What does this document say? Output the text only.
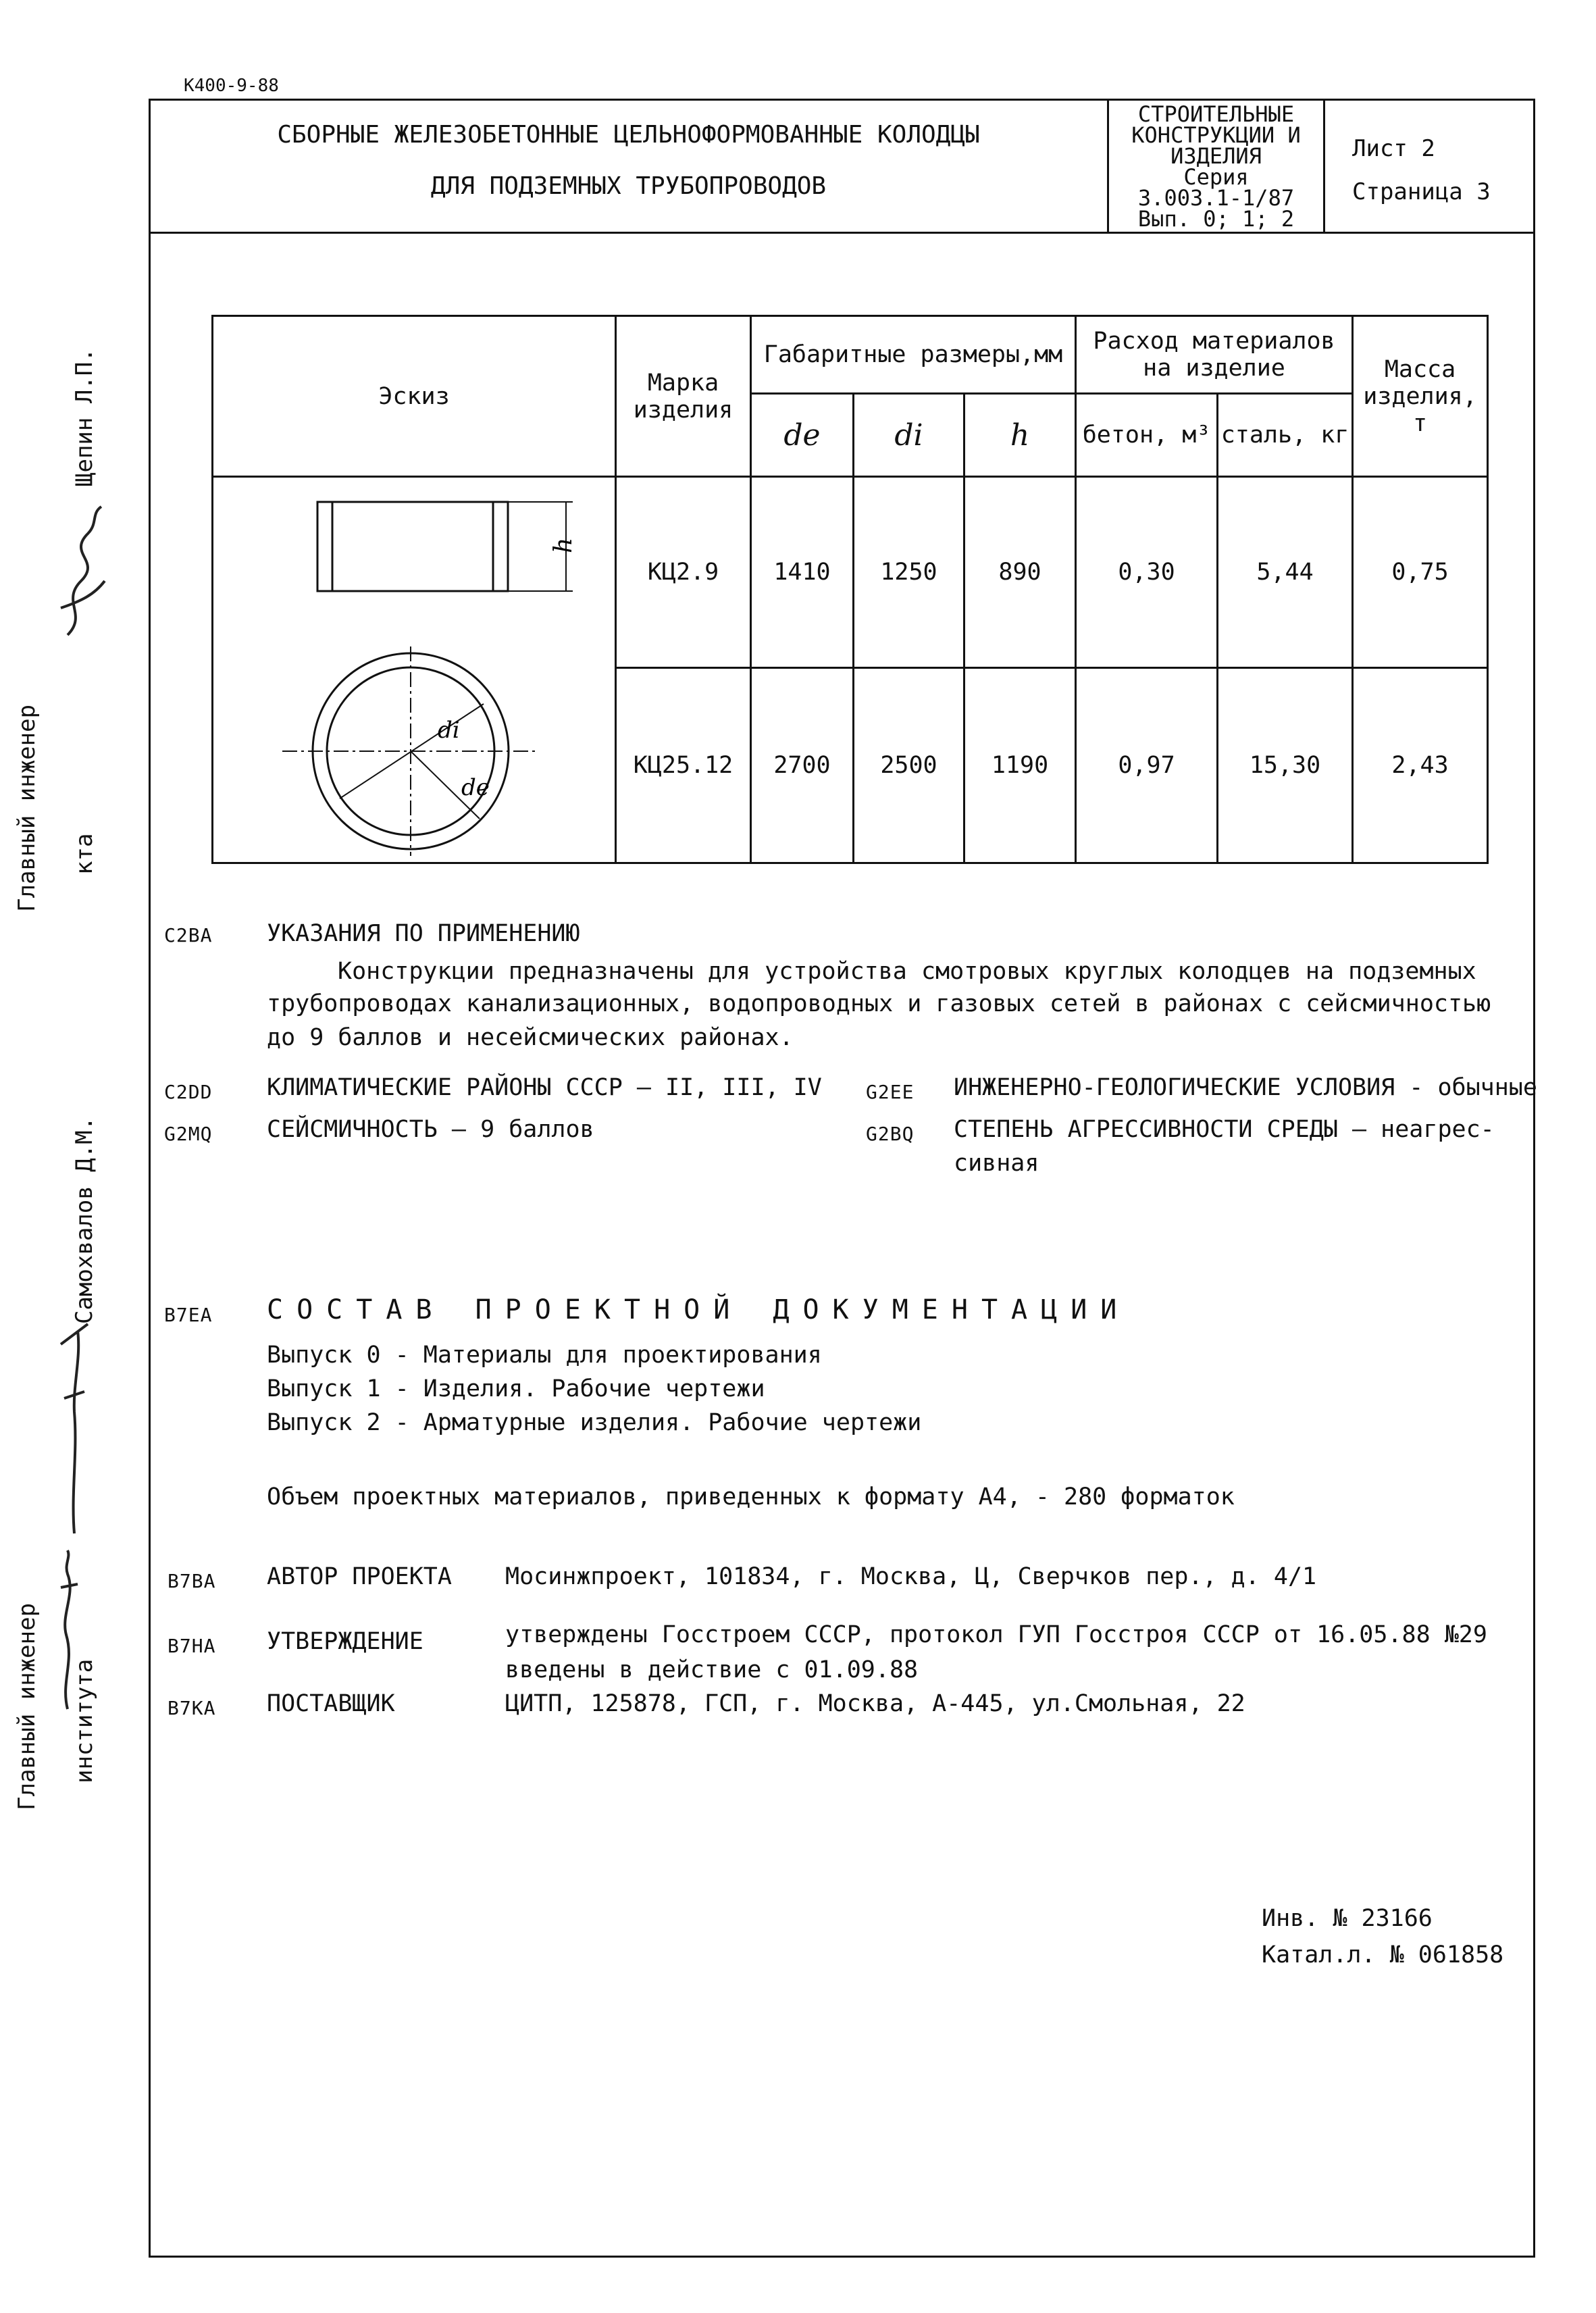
К400-9-88
СБОРНЫЕ ЖЕЛЕЗОБЕТОННЫЕ ЦЕЛЬНОФОРМОВАННЫЕ КОЛОДЦЫ
ДЛЯ ПОДЗЕМНЫХ ТРУБОПРОВОДОВ
СТРОИТЕЛЬНЫЕ
КОНСТРУКЦИИ И
ИЗДЕЛИЯ
Серия
3.003.1-1/87
Вып. 0; 1; 2
Лист 2
Страница 3
Эскиз	Марка изделия	Габаритные размеры,мм			Расход материалов на изделие		Масса изделия, т
		de	di	h	бетон, м³	сталь, кг	

h
di
de	КЦ2.9	1410	1250	890	0,30	5,44	0,75
	КЦ25.12	2700	2500	1190	0,97	15,30	2,43
С2ВА УКАЗАНИЯ ПО ПРИМЕНЕНИЮ
Конструкции предназначены для устройства смотровых круглых колодцев на подземных
трубопроводах канализационных, водопроводных и газовых сетей в районах с сейсмичностью
до 9 баллов и несейсмических районах.
С2DD КЛИМАТИЧЕСКИЕ РАЙОНЫ СССР – II, III, IV G2EE ИНЖЕНЕРНО-ГЕОЛОГИЧЕСКИЕ УСЛОВИЯ - обычные
G2MQ СЕЙСМИЧНОСТЬ – 9 баллов	G2BQ СТЕПЕНЬ АГРЕССИВНОСТИ СРЕДЫ – неагрес-
сивная
В7ЕА СОСТАВ ПРОЕКТНОЙ ДОКУМЕНТАЦИИ
Выпуск 0 - Материалы для проектирования
Выпуск 1 - Изделия. Рабочие чертежи
Выпуск 2 - Арматурные изделия. Рабочие чертежи
Объем проектных материалов, приведенных к формату А4, - 280 форматок
В7ВА АВТОР ПРОЕКТА Мосинжпроект, 101834, г. Москва, Ц, Сверчков пер., д. 4/1
В7НА УТВЕРЖДЕНИЕ	утверждены Госстроем СССР, протокол ГУП Госстроя СССР от 16.05.88 №29
введены в действие с 01.09.88
В7КА ПОСТАВЩИК	ЦИТП, 125878, ГСП, г. Москва, А-445, ул.Смольная, 22
Инв. № 23166
Катал.л. № 061858
Щепин Л.П.
Главный инженер кта
Самохвалов Д.М.
Главный инженер института
